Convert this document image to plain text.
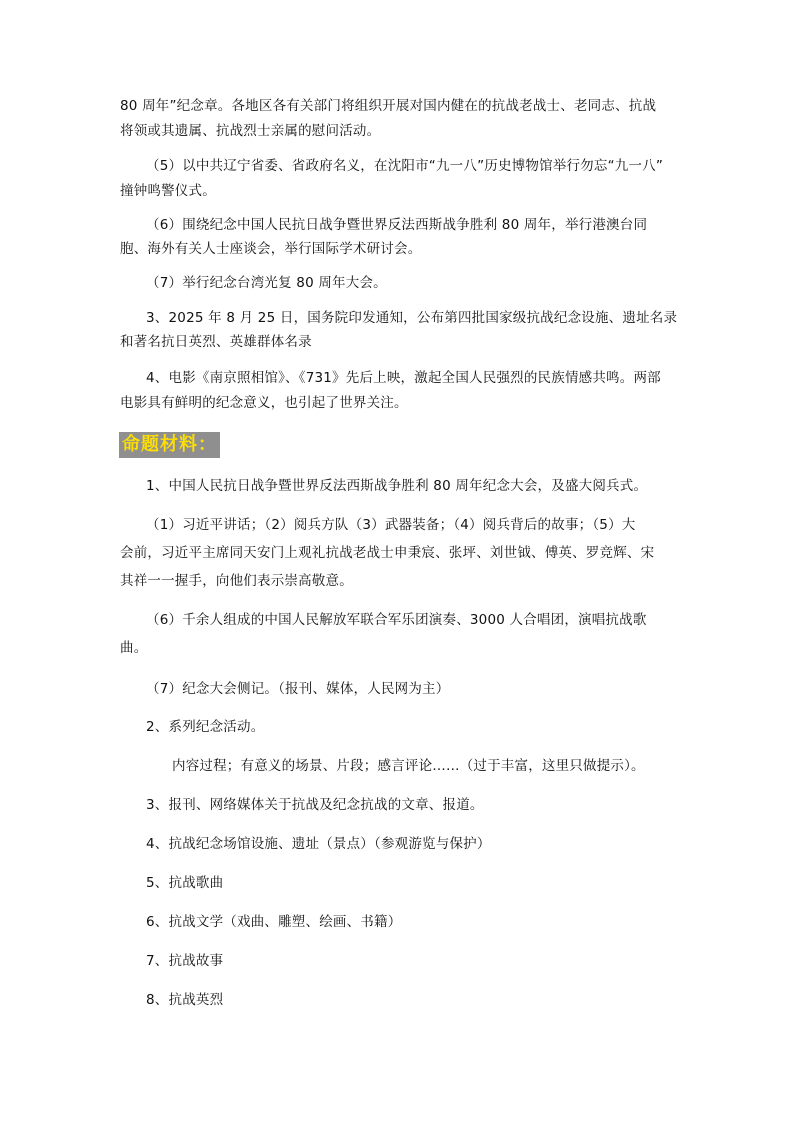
80 周年”纪念章。各地区各有关部门将组织开展对国内健在的抗战老战士、老同志、抗战
将领或其遗属、抗战烈士亲属的慰问活动。
（5）以中共辽宁省委、省政府名义，在沈阳市“九一八”历史博物馆举行勿忘“九一八”
撞钟鸣警仪式。
（6）围绕纪念中国人民抗日战争暨世界反法西斯战争胜利 80 周年，举行港澳台同
胞、海外有关人士座谈会，举行国际学术研讨会。
（7）举行纪念台湾光复 80 周年大会。
3、2025 年 8 月 25 日，国务院印发通知，公布第四批国家级抗战纪念设施、遗址名录
和著名抗日英烈、英雄群体名录
4、电影《南京照相馆》、《731》先后上映，激起全国人民强烈的民族情感共鸣。两部
电影具有鲜明的纪念意义，也引起了世界关注。
命题材料：
1、中国人民抗日战争暨世界反法西斯战争胜利 80 周年纪念大会，及盛大阅兵式。
（1）习近平讲话；（2）阅兵方队（3）武器装备；（4）阅兵背后的故事；（5）大
会前，习近平主席同天安门上观礼抗战老战士申秉宸、张坪、刘世钺、傅英、罗竞辉、宋
其祥一一握手，向他们表示崇高敬意。
（6）千余人组成的中国人民解放军联合军乐团演奏、3000 人合唱团，演唱抗战歌
曲。
（7）纪念大会侧记。（报刊、媒体，人民网为主）
2、系列纪念活动。
内容过程；有意义的场景、片段；感言评论……（过于丰富，这里只做提示）。
3、报刊、网络媒体关于抗战及纪念抗战的文章、报道。
4、抗战纪念场馆设施、遗址（景点）（参观游览与保护）
5、抗战歌曲
6、抗战文学（戏曲、雕塑、绘画、书籍）
7、抗战故事
8、抗战英烈
